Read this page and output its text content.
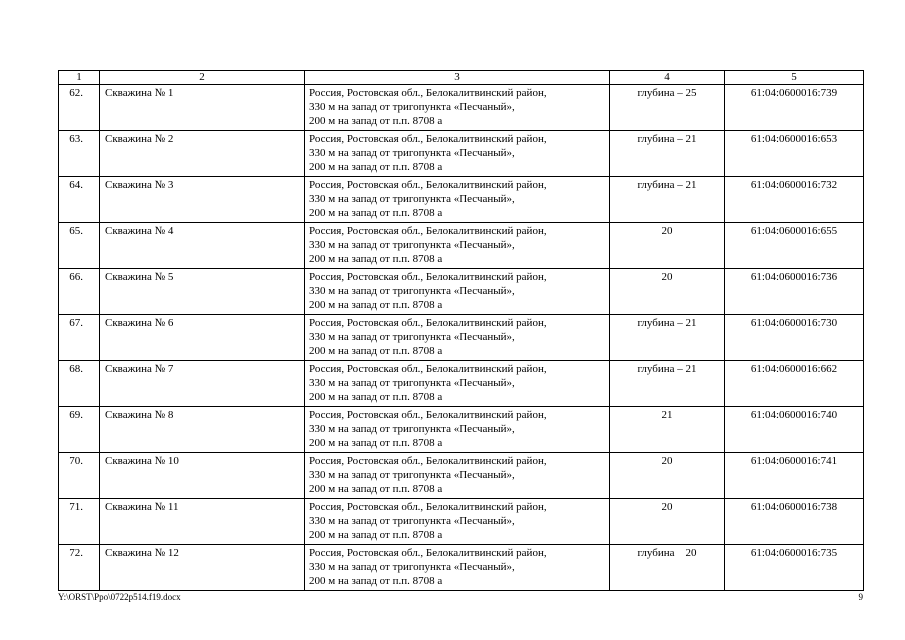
1	2	3	4	5
62.	Скважина № 1	Россия, Ростовская обл., Белокалитвинский район,
330 м на запад от тригопункта «Песчаный»,
200 м на запад от п.п. 8708 а	глубина – 25	61:04:0600016:739
63.	Скважина № 2	Россия, Ростовская обл., Белокалитвинский район,
330 м на запад от тригопункта «Песчаный»,
200 м на запад от п.п. 8708 а	глубина – 21	61:04:0600016:653
64.	Скважина № 3	Россия, Ростовская обл., Белокалитвинский район,
330 м на запад от тригопункта «Песчаный»,
200 м на запад от п.п. 8708 а	глубина – 21	61:04:0600016:732
65.	Скважина № 4	Россия, Ростовская обл., Белокалитвинский район,
330 м на запад от тригопункта «Песчаный»,
200 м на запад от п.п. 8708 а	20	61:04:0600016:655
66.	Скважина № 5	Россия, Ростовская обл., Белокалитвинский район,
330 м на запад от тригопункта «Песчаный»,
200 м на запад от п.п. 8708 а	20	61:04:0600016:736
67.	Скважина № 6	Россия, Ростовская обл., Белокалитвинский район,
330 м на запад от тригопункта «Песчаный»,
200 м на запад от п.п. 8708 а	глубина – 21	61:04:0600016:730
68.	Скважина № 7	Россия, Ростовская обл., Белокалитвинский район,
330 м на запад от тригопункта «Песчаный»,
200 м на запад от п.п. 8708 а	глубина – 21	61:04:0600016:662
69.	Скважина № 8	Россия, Ростовская обл., Белокалитвинский район,
330 м на запад от тригопункта «Песчаный»,
200 м на запад от п.п. 8708 а	21	61:04:0600016:740
70.	Скважина № 10	Россия, Ростовская обл., Белокалитвинский район,
330 м на запад от тригопункта «Песчаный»,
200 м на запад от п.п. 8708 а	20	61:04:0600016:741
71.	Скважина № 11	Россия, Ростовская обл., Белокалитвинский район,
330 м на запад от тригопункта «Песчаный»,
200 м на запад от п.п. 8708 а	20	61:04:0600016:738
72.	Скважина № 12	Россия, Ростовская обл., Белокалитвинский район,
330 м на запад от тригопункта «Песчаный»,
200 м на запад от п.п. 8708 а	глубина    20	61:04:0600016:735
Y:\ORST\Ppo\0722p514.f19.docx	9
